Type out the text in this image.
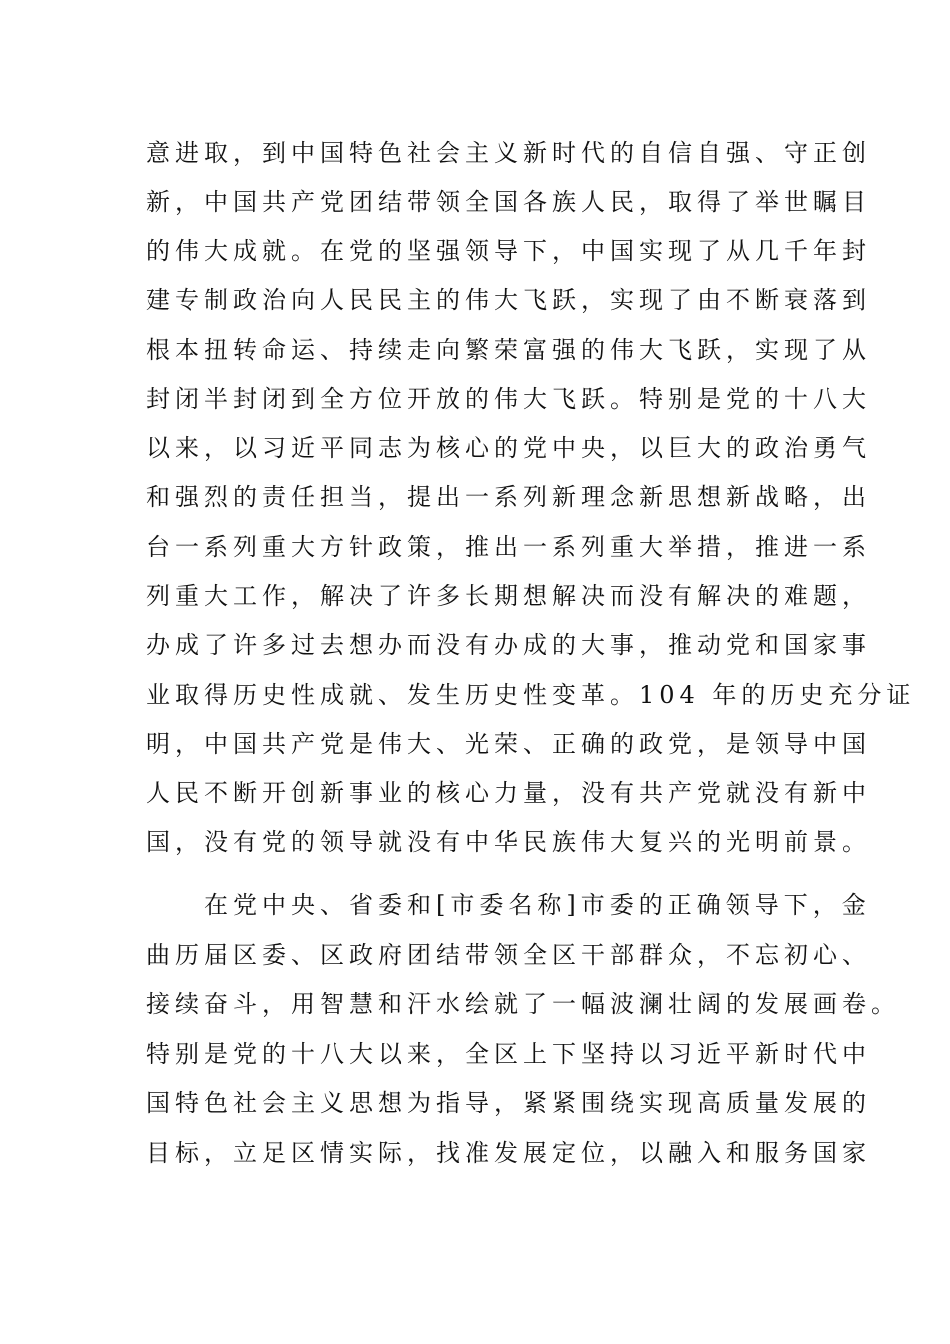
意进取，到中国特色社会主义新时代的自信自强、守正创
新，中国共产党团结带领全国各族人民，取得了举世瞩目
的伟大成就。在党的坚强领导下，中国实现了从几千年封
建专制政治向人民民主的伟大飞跃，实现了由不断衰落到
根本扭转命运、持续走向繁荣富强的伟大飞跃，实现了从
封闭半封闭到全方位开放的伟大飞跃。特别是党的十八大
以来，以习近平同志为核心的党中央，以巨大的政治勇气
和强烈的责任担当，提出一系列新理念新思想新战略，出
台一系列重大方针政策，推出一系列重大举措，推进一系
列重大工作，解决了许多长期想解决而没有解决的难题，
办成了许多过去想办而没有办成的大事，推动党和国家事
业取得历史性成就、发生历史性变革。104 年的历史充分证
明，中国共产党是伟大、光荣、正确的政党，是领导中国
人民不断开创新事业的核心力量，没有共产党就没有新中
国，没有党的领导就没有中华民族伟大复兴的光明前景。
　　在党中央、省委和[市委名称]市委的正确领导下，金
曲历届区委、区政府团结带领全区干部群众，不忘初心、
接续奋斗，用智慧和汗水绘就了一幅波澜壮阔的发展画卷。
特别是党的十八大以来，全区上下坚持以习近平新时代中
国特色社会主义思想为指导，紧紧围绕实现高质量发展的
目标，立足区情实际，找准发展定位，以融入和服务国家
